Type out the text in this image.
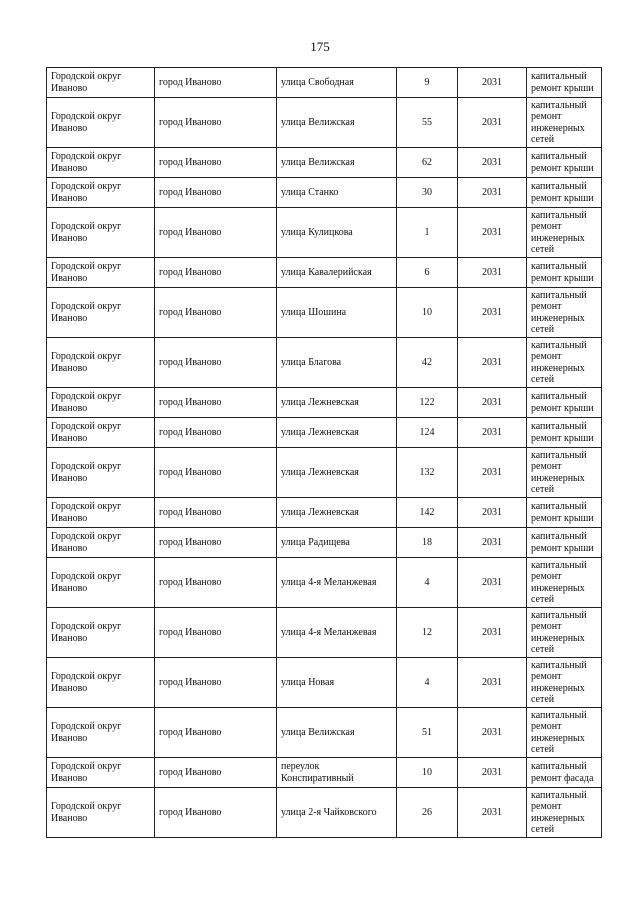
175
Городской округ Иваново	город Иваново	улица Свободная	9	2031	капитальный ремонт крыши
Городской округ Иваново	город Иваново	улица Велижская	55	2031	капитальный ремонт инженерных сетей
Городской округ Иваново	город Иваново	улица Велижская	62	2031	капитальный ремонт крыши
Городской округ Иваново	город Иваново	улица Станко	30	2031	капитальный ремонт крыши
Городской округ Иваново	город Иваново	улица Кулицкова	1	2031	капитальный ремонт инженерных сетей
Городской округ Иваново	город Иваново	улица Кавалерийская	6	2031	капитальный ремонт крыши
Городской округ Иваново	город Иваново	улица Шошина	10	2031	капитальный ремонт инженерных сетей
Городской округ Иваново	город Иваново	улица Благова	42	2031	капитальный ремонт инженерных сетей
Городской округ Иваново	город Иваново	улица Лежневская	122	2031	капитальный ремонт крыши
Городской округ Иваново	город Иваново	улица Лежневская	124	2031	капитальный ремонт крыши
Городской округ Иваново	город Иваново	улица Лежневская	132	2031	капитальный ремонт инженерных сетей
Городской округ Иваново	город Иваново	улица Лежневская	142	2031	капитальный ремонт крыши
Городской округ Иваново	город Иваново	улица Радищева	18	2031	капитальный ремонт крыши
Городской округ Иваново	город Иваново	улица 4-я Меланжевая	4	2031	капитальный ремонт инженерных сетей
Городской округ Иваново	город Иваново	улица 4-я Меланжевая	12	2031	капитальный ремонт инженерных сетей
Городской округ Иваново	город Иваново	улица Новая	4	2031	капитальный ремонт инженерных сетей
Городской округ Иваново	город Иваново	улица Велижская	51	2031	капитальный ремонт инженерных сетей
Городской округ Иваново	город Иваново	переулок Конспиративный	10	2031	капитальный ремонт фасада
Городской округ Иваново	город Иваново	улица 2-я Чайковского	26	2031	капитальный ремонт инженерных сетей
